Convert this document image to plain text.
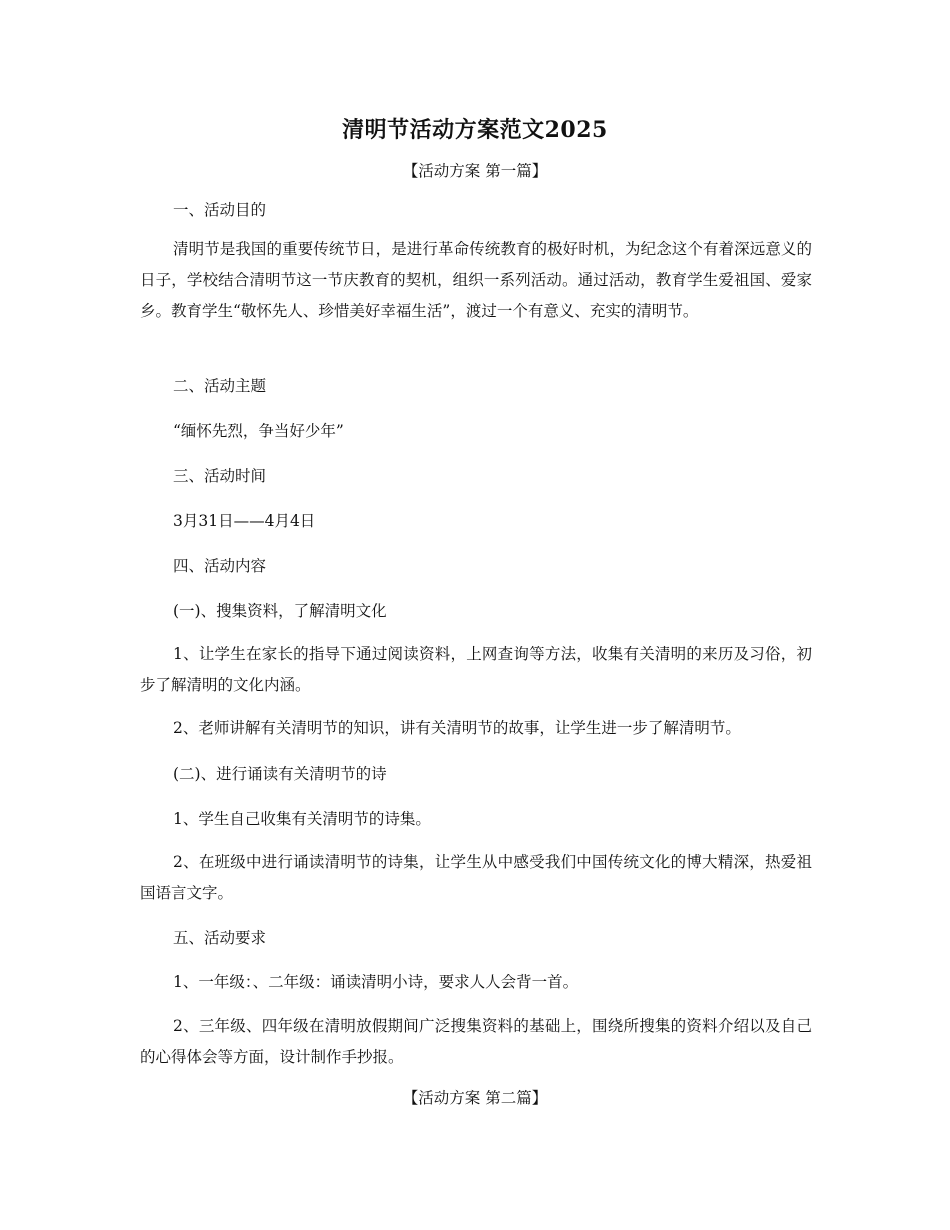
清明节活动方案范文2025
【活动方案 第一篇】
一、活动目的
清明节是我国的重要传统节日，是进行革命传统教育的极好时机，为纪念这个有着深远意义的日子，学校结合清明节这一节庆教育的契机，组织一系列活动。通过活动，教育学生爱祖国、爱家乡。教育学生“敬怀先人、珍惜美好幸福生活”，渡过一个有意义、充实的清明节。
二、活动主题
“缅怀先烈，争当好少年”
三、活动时间
3月31日——4月4日
四、活动内容
(一)、搜集资料，了解清明文化
1、让学生在家长的指导下通过阅读资料，上网查询等方法，收集有关清明的来历及习俗，初步了解清明的文化内涵。
2、老师讲解有关清明节的知识，讲有关清明节的故事，让学生进一步了解清明节。
(二)、进行诵读有关清明节的诗
1、学生自己收集有关清明节的诗集。
2、在班级中进行诵读清明节的诗集，让学生从中感受我们中国传统文化的博大精深，热爱祖国语言文字。
五、活动要求
1、一年级：、二年级：诵读清明小诗，要求人人会背一首。
2、三年级、四年级在清明放假期间广泛搜集资料的基础上，围绕所搜集的资料介绍以及自己的心得体会等方面，设计制作手抄报。
【活动方案 第二篇】
